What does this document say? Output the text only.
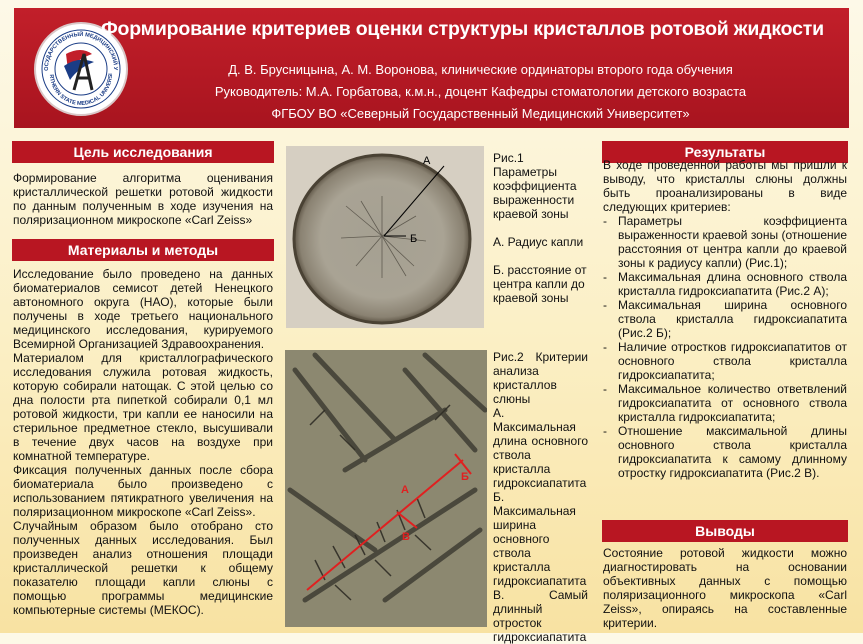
ОСУДАРСТВЕННЫЙ МЕДИЦИНСКИЙ У
RTHERN STATE MEDICAL UNIVERSI
Формирование критериев оценки структуры кристаллов ротовой жидкости
Д. В. Брусницына, А. М. Воронова, клинические ординаторы второго года обучения
Руководитель: М.А. Горбатова, к.м.н., доцент Кафедры стоматологии детского возраста
ФГБОУ ВО «Северный Государственный Медицинский Университет»
Цель исследования

Формирование алгоритма оценивания кристаллической решетки ротовой жидкости по данным полученным в ходе изучения на поляризационном микроскопе «Carl Zeiss»

Материалы и методы

Исследование было проведено на данных биоматериалов семисот детей Ненецкого автономного округа (НАО), которые были получены в ходе третьего национального медицинского исследования, курируемого Всемирной Организацией Здравоохранения.

Материалом для кристаллографического исследования служила ротовая жидкость, которую собирали натощак. С этой целью со дна полости рта пипеткой собирали 0,1 мл ротовой жидкости, три капли ее наносили на стерильное предметное стекло, высушивали в течение двух часов на воздухе при комнатной температуре.

Фиксация полученных данных после сбора биоматериала было произведено с использованием пятикратного увеличения на поляризационном микроскопе «Carl Zeiss».

Случайным образом было отобрано сто полученных данных исследования. Был произведен анализ отношения площади кристаллической решетки к общему показателю площади капли слюны с помощью программы медицинские компьютерные системы (МЕКОС).

А
Б

Рис.1 Параметры коэффициента выраженности краевой зоны

А. Радиус капли

Б. расстояние от центра капли до краевой зоны

А
Б
В

Рис.2 Критерии анализа кристаллов слюны

А. Максимальная длина основного ствола кристалла гидроксиапатита

Б. Максимальная ширина основного ствола кристалла гидроксиапатита

В. Самый длинный отросток гидроксиапатита

Результаты

В ходе проведенной работы мы пришли к выводу, что кристаллы слюны должны быть проанализированы в виде следующих критериев:

- Параметры коэффициента выраженности краевой зоны (отношение расстояния от центра капли до краевой зоны к радиусу капли) (Рис.1);
- Максимальная длина основного ствола кристалла гидроксиапатита (Рис.2 А);
- Максимальная ширина основного ствола кристалла гидроксиапатита (Рис.2 Б);
- Наличие отростков гидроксиапатитов от основного ствола кристалла гидроксиапатита;
- Максимальное количество ответвлений гидроксиапатита от основного ствола кристалла гидроксиапатита;
- Отношение максимальной длины основного ствола кристалла гидроксиапатита к самому длинному отростку гидроксиапатита (Рис.2 В).
Выводы

Состояние ротовой жидкости можно диагностировать на основании объективных данных с помощью поляризационного микроскопа «Carl Zeiss», опираясь на составленные критерии.
